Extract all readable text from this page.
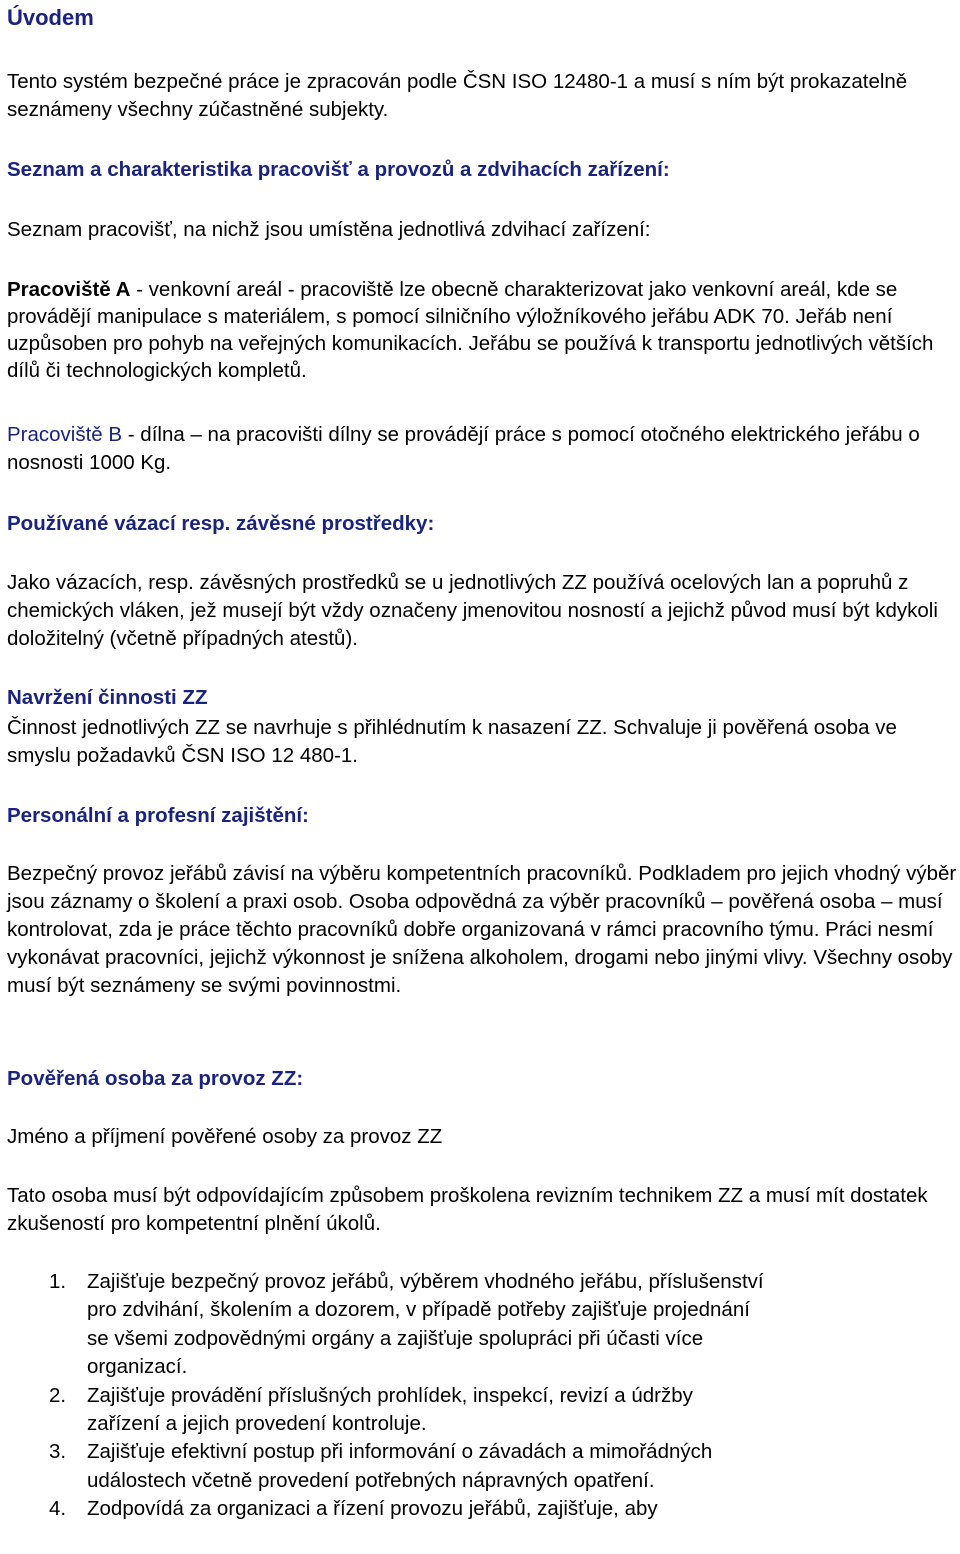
Úvodem

Tento systém bezpečné práce je zpracován podle ČSN ISO 12480-1 a musí s ním být prokazatelně seznámeny všechny zúčastněné subjekty.

Seznam a charakteristika pracovišť a provozů a zdvihacích zařízení:

Seznam pracovišť, na nichž jsou umístěna jednotlivá zdvihací zařízení:

Pracoviště A - venkovní areál - pracoviště lze obecně charakterizovat jako venkovní areál, kde se provádějí manipulace s materiálem, s pomocí silničního výložníkového jeřábu ADK 70. Jeřáb není uzpůsoben pro pohyb na veřejných komunikacích. Jeřábu se používá k transportu jednotlivých větších dílů či technologických kompletů.

Pracoviště B - dílna – na pracovišti dílny se provádějí práce s pomocí otočného elektrického jeřábu o nosnosti 1000 Kg.

Používané vázací resp. závěsné prostředky:

Jako vázacích, resp. závěsných prostředků se u jednotlivých ZZ používá ocelových lan a popruhů z chemických vláken, jež musejí být vždy označeny jmenovitou nosností a jejichž původ musí být kdykoli doložitelný (včetně případných atestů).

Navržení činnosti ZZ

Činnost jednotlivých ZZ se navrhuje s přihlédnutím k nasazení ZZ. Schvaluje ji pověřená osoba ve smyslu požadavků ČSN ISO 12 480-1.

Personální a profesní zajištění:

Bezpečný provoz jeřábů závisí na výběru kompetentních pracovníků. Podkladem pro jejich vhodný výběr jsou záznamy o školení a praxi osob. Osoba odpovědná za výběr pracovníků – pověřená osoba – musí kontrolovat, zda je práce těchto pracovníků dobře organizovaná v rámci pracovního týmu. Práci nesmí vykonávat pracovníci, jejichž výkonnost je snížena alkoholem, drogami nebo jinými vlivy. Všechny osoby musí být seznámeny se svými povinnostmi.

Pověřená osoba za provoz ZZ:

Jméno a příjmení pověřené osoby za provoz ZZ

Tato osoba musí být odpovídajícím způsobem proškolena revizním technikem ZZ a musí mít dostatek zkušeností pro kompetentní plnění úkolů.

1. Zajišťuje bezpečný provoz jeřábů, výběrem vhodného jeřábu, příslušenství pro zdvihání, školením a dozorem, v případě potřeby zajišťuje projednání se všemi zodpovědnými orgány a zajišťuje spolupráci při účasti více organizací.
2. Zajišťuje provádění příslušných prohlídek, inspekcí, revizí a údržby zařízení a jejich provedení kontroluje.
3. Zajišťuje efektivní postup při informování o závadách a mimořádných událostech včetně provedení potřebných nápravných opatření.
4. Zodpovídá za organizaci a řízení provozu jeřábů, zajišťuje, aby
